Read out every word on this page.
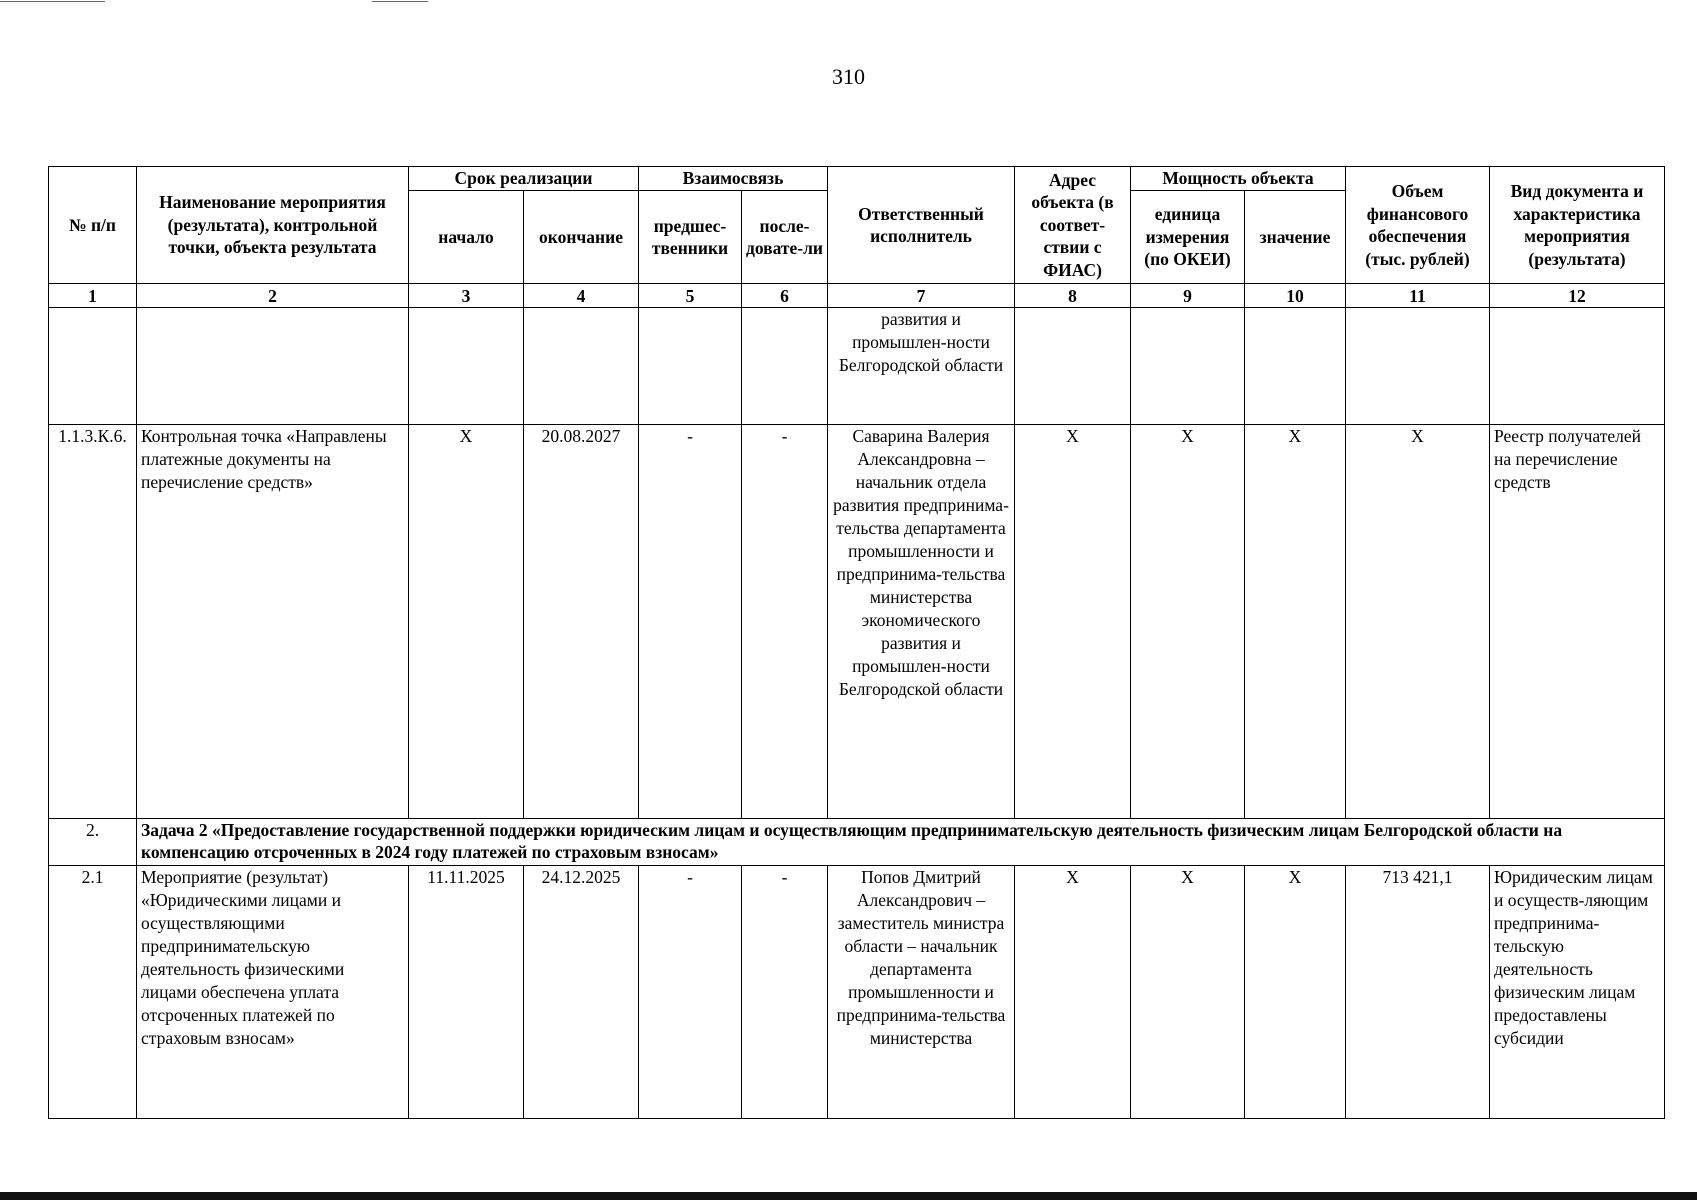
310
№ п/п	Наименование мероприятия (результата), контрольной точки, объекта результата	Срок реализации		Взаимосвязь		Ответственный исполнитель	Адрес объекта (в соответ-ствии с ФИАС)	Мощность объекта		Объем финансового обеспечения (тыс. рублей)	Вид документа и характеристика мероприятия (результата)
		начало	окончание	предшес-твенники	после-довате-ли			единица измерения (по ОКЕИ)	значение		
1	2	3	4	5	6	7	8	9	10	11	12
						развития и промышлен-ности Белгородской области					
1.1.3.К.6.	Контрольная точка «Направлены платежные документы на перечисление средств»	X	20.08.2027	-	-	Саварина Валерия Александровна – начальник отдела развития предпринима-тельства департамента промышленности и предпринима-тельства министерства экономического развития и промышлен-ности Белгородской области	X	X	X	X	Реестр получателей на перечисление средств
2.	Задача 2 «Предоставление государственной поддержки юридическим лицам и осуществляющим предпринимательскую деятельность физическим лицам Белгородской области на компенсацию отсроченных в 2024 году платежей по страховым взносам»										
2.1	Мероприятие (результат) «Юридическими лицами и осуществляющими предпринимательскую деятельность физическими лицами обеспечена уплата отсроченных платежей по страховым взносам»	11.11.2025	24.12.2025	-	-	Попов Дмитрий Александрович – заместитель министра области – начальник департамента промышленности и предпринима-тельства министерства	X	X	X	713 421,1	Юридическим лицам и осуществ-ляющим предпринима-тельскую деятельность физическим лицам предоставлены субсидии
